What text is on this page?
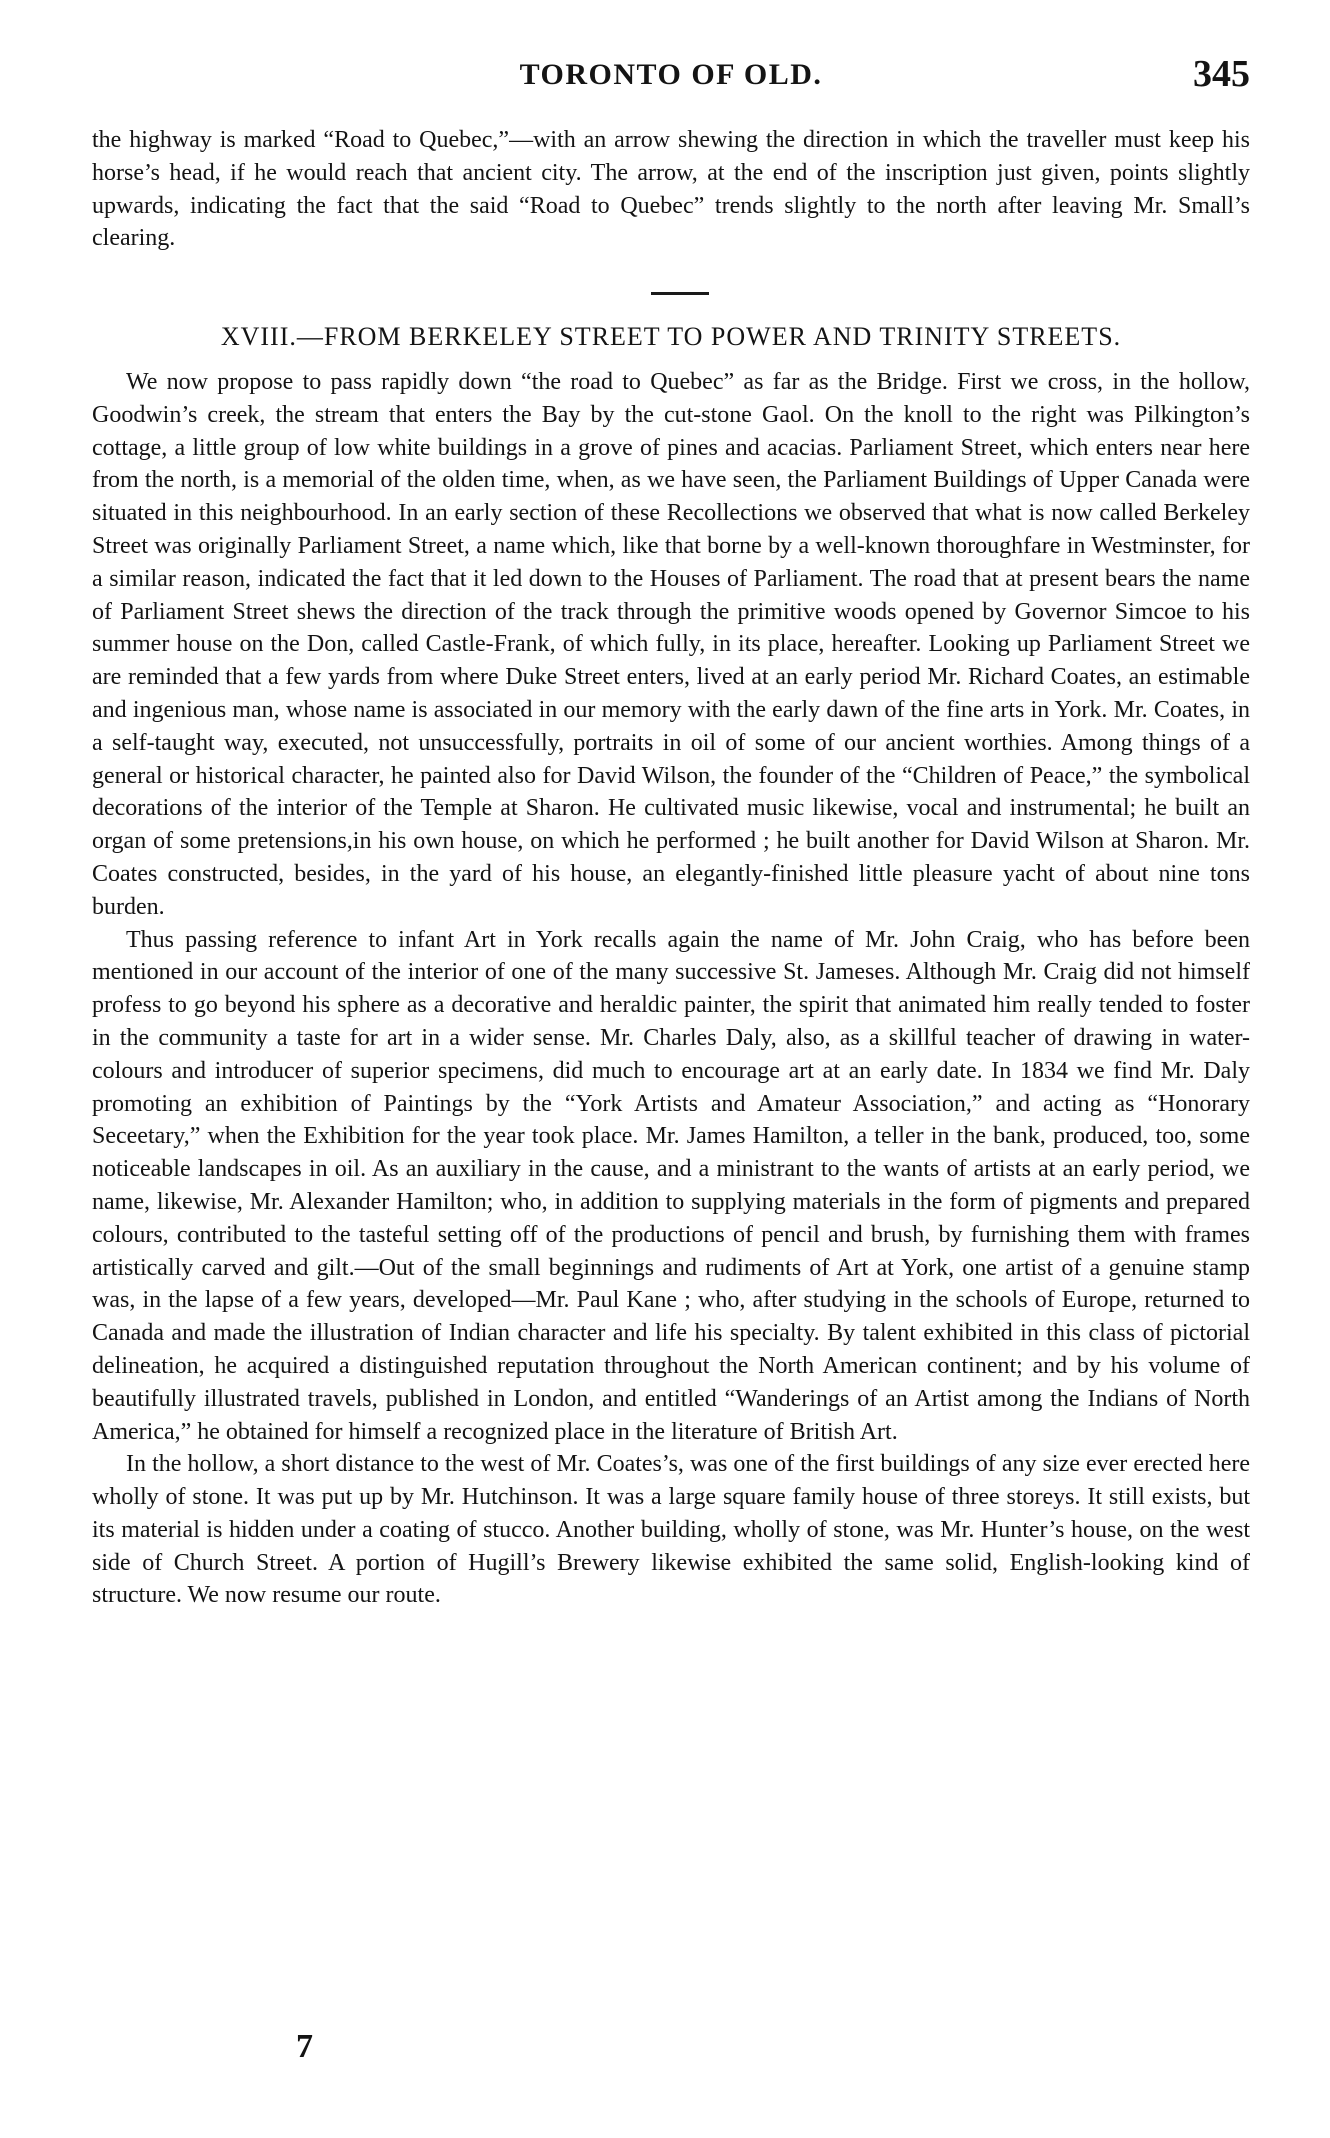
TORONTO OF OLD.	345

the highway is marked “Road to Quebec,”—with an arrow shewing the direction in which the traveller must keep his horse’s head, if he would reach that ancient city. The arrow, at the end of the inscription just given, points slightly upwards, indicating the fact that the said “Road to Quebec” trends slightly to the north after leaving Mr. Small’s clearing.

XVIII.—FROM BERKELEY STREET TO POWER AND TRINITY STREETS.

We now propose to pass rapidly down “the road to Quebec” as far as the Bridge. First we cross, in the hollow, Goodwin’s creek, the stream that enters the Bay by the cut-stone Gaol. On the knoll to the right was Pilkington’s cottage, a little group of low white buildings in a grove of pines and acacias. Parliament Street, which enters near here from the north, is a memorial of the olden time, when, as we have seen, the Parliament Buildings of Upper Canada were situated in this neighbourhood. In an early section of these Recollections we observed that what is now called Berkeley Street was originally Parliament Street, a name which, like that borne by a well-known thoroughfare in Westminster, for a similar reason, indicated the fact that it led down to the Houses of Parliament. The road that at present bears the name of Parliament Street shews the direction of the track through the primitive woods opened by Governor Simcoe to his summer house on the Don, called Castle-Frank, of which fully, in its place, hereafter. Looking up Parliament Street we are reminded that a few yards from where Duke Street enters, lived at an early period Mr. Richard Coates, an estimable and ingenious man, whose name is associated in our memory with the early dawn of the fine arts in York. Mr. Coates, in a self-taught way, executed, not unsuccessfully, portraits in oil of some of our ancient worthies. Among things of a general or historical character, he painted also for David Wilson, the founder of the “Children of Peace,” the symbolical decorations of the interior of the Temple at Sharon. He cultivated music likewise, vocal and instrumental; he built an organ of some pretensions,in his own house, on which he performed ; he built another for David Wilson at Sharon. Mr. Coates constructed, besides, in the yard of his house, an elegantly-finished little pleasure yacht of about nine tons burden.

Thus passing reference to infant Art in York recalls again the name of Mr. John Craig, who has before been mentioned in our account of the interior of one of the many successive St. Jameses. Although Mr. Craig did not himself profess to go beyond his sphere as a decorative and heraldic painter, the spirit that animated him really tended to foster in the community a taste for art in a wider sense. Mr. Charles Daly, also, as a skillful teacher of drawing in water-colours and introducer of superior specimens, did much to encourage art at an early date. In 1834 we find Mr. Daly promoting an exhibition of Paintings by the “York Artists and Amateur Association,” and acting as “Honorary Seceetary,” when the Exhibition for the year took place. Mr. James Hamilton, a teller in the bank, produced, too, some noticeable landscapes in oil. As an auxiliary in the cause, and a ministrant to the wants of artists at an early period, we name, likewise, Mr. Alexander Hamilton; who, in addition to supplying materials in the form of pigments and prepared colours, contributed to the tasteful setting off of the productions of pencil and brush, by furnishing them with frames artistically carved and gilt.—Out of the small beginnings and rudiments of Art at York, one artist of a genuine stamp was, in the lapse of a few years, developed—Mr. Paul Kane ; who, after studying in the schools of Europe, returned to Canada and made the illustration of Indian character and life his specialty. By talent exhibited in this class of pictorial delineation, he acquired a distinguished reputation throughout the North American continent; and by his volume of beautifully illustrated travels, published in London, and entitled “Wanderings of an Artist among the Indians of North America,” he obtained for himself a recognized place in the literature of British Art.

In the hollow, a short distance to the west of Mr. Coates’s, was one of the first buildings of any size ever erected here wholly of stone. It was put up by Mr. Hutchinson. It was a large square family house of three storeys. It still exists, but its material is hidden under a coating of stucco. Another building, wholly of stone, was Mr. Hunter’s house, on the west side of Church Street. A portion of Hugill’s Brewery likewise exhibited the same solid, English-looking kind of structure. We now resume our route.

7
